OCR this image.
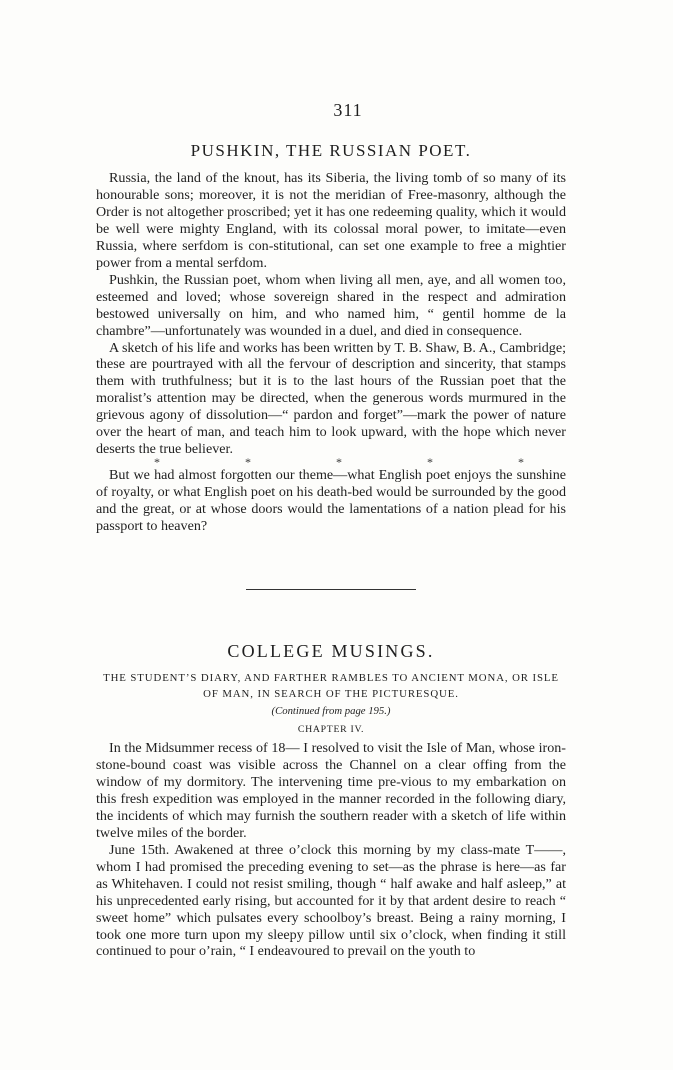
311
PUSHKIN, THE RUSSIAN POET.

Russia, the land of the knout, has its Siberia, the living tomb of so many of its honourable sons; moreover, it is not the meridian of Free-masonry, although the Order is not altogether proscribed; yet it has one redeeming quality, which it would be well were mighty England, with its colossal moral power, to imitate—even Russia, where serfdom is con-stitutional, can set one example to free a mightier power from a mental serfdom.

Pushkin, the Russian poet, whom when living all men, aye, and all women too, esteemed and loved; whose sovereign shared in the respect and admiration bestowed universally on him, and who named him, “ gentil homme de la chambre”—unfortunately was wounded in a duel, and died in consequence.

A sketch of his life and works has been written by T. B. Shaw, B. A., Cambridge; these are pourtrayed with all the fervour of description and sincerity, that stamps them with truthfulness; but it is to the last hours of the Russian poet that the moralist’s attention may be directed, when the generous words murmured in the grievous agony of dissolution—“ pardon and forget”—mark the power of nature over the heart of man, and teach him to look upward, with the hope which never deserts the true believer.

*	*	*	*	*

But we had almost forgotten our theme—what English poet enjoys the sunshine of royalty, or what English poet on his death-bed would be surrounded by the good and the great, or at whose doors would the lamentations of a nation plead for his passport to heaven?

COLLEGE MUSINGS.
THE STUDENT’S DIARY, AND FARTHER RAMBLES TO ANCIENT MONA, OR ISLE OF MAN, IN SEARCH OF THE PICTURESQUE.
(Continued from page 195.)
CHAPTER IV.

In the Midsummer recess of 18— I resolved to visit the Isle of Man, whose iron-stone-bound coast was visible across the Channel on a clear offing from the window of my dormitory. The intervening time pre-vious to my embarkation on this fresh expedition was employed in the manner recorded in the following diary, the incidents of which may furnish the southern reader with a sketch of life within twelve miles of the border.

June 15th. Awakened at three o’clock this morning by my class-mate T——, whom I had promised the preceding evening to set—as the phrase is here—as far as Whitehaven. I could not resist smiling, though “ half awake and half asleep,” at his unprecedented early rising, but accounted for it by that ardent desire to reach “ sweet home” which pulsates every schoolboy’s breast. Being a rainy morning, I took one more turn upon my sleepy pillow until six o’clock, when finding it still continued to pour o’rain, “ I endeavoured to prevail on the youth to
